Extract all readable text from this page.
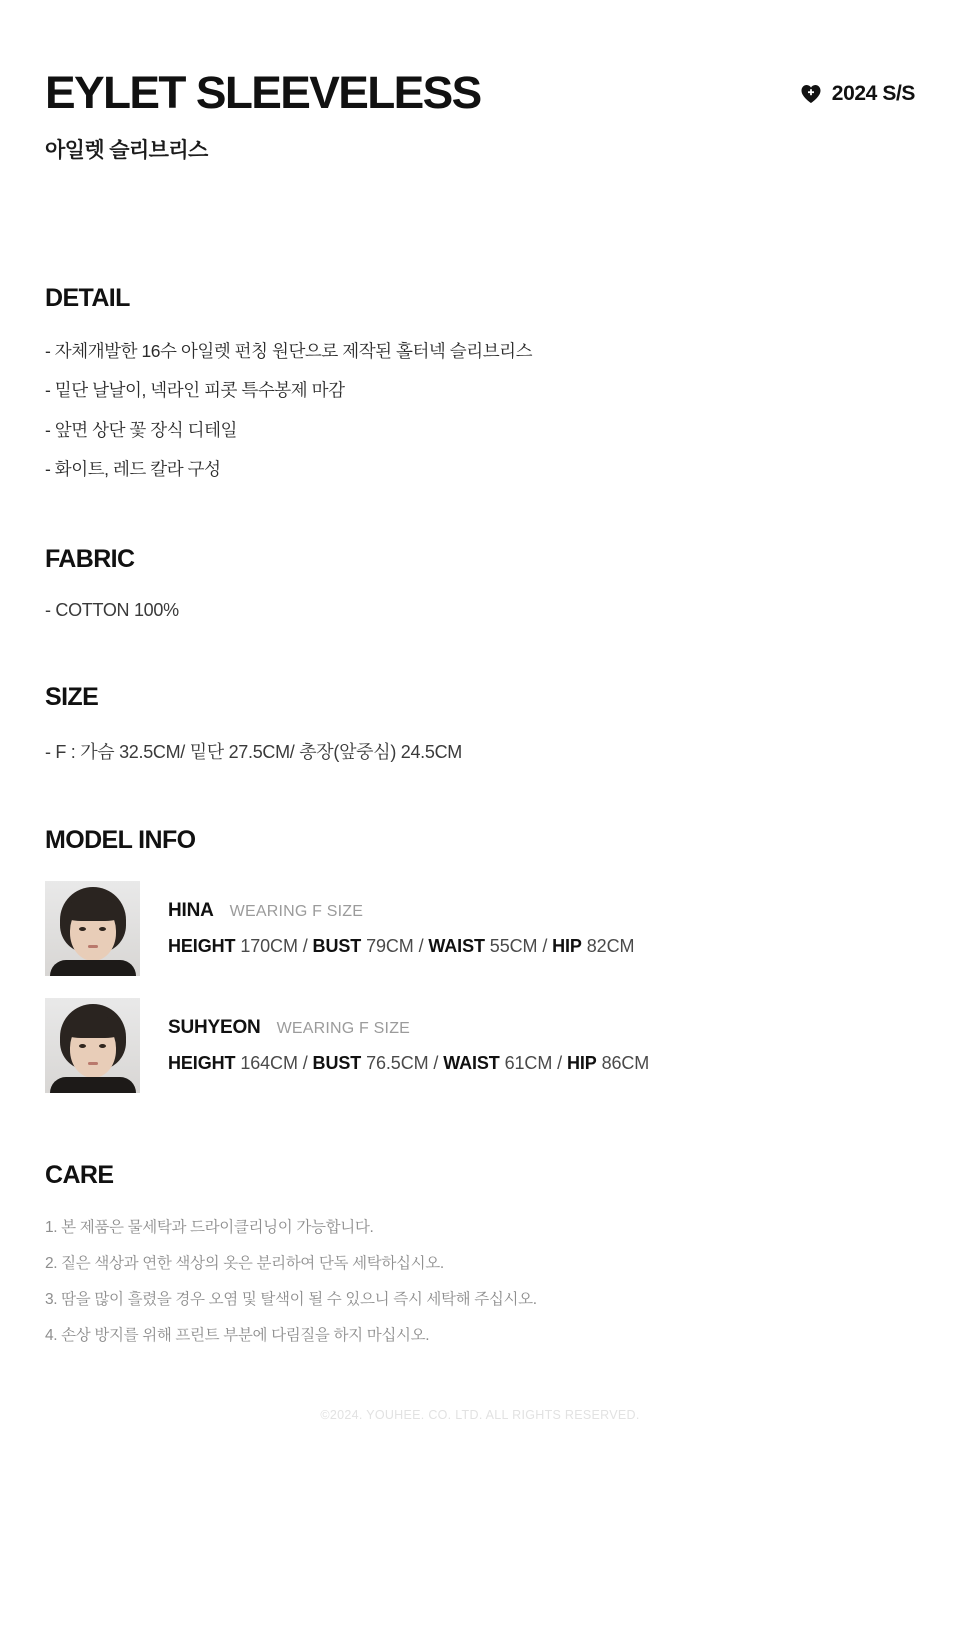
EYLET SLEEVELESS
아일렛 슬리브리스
2024 S/S
DETAIL
- 자체개발한 16수 아일렛 펀칭 원단으로 제작된 홀터넥 슬리브리스
- 밑단 날날이, 넥라인 피콧 특수봉제 마감
- 앞면 상단 꽃 장식 디테일
- 화이트, 레드 칼라 구성
FABRIC
- COTTON 100%
SIZE
- F : 가슴 32.5CM/ 밑단 27.5CM/ 총장(앞중심) 24.5CM
MODEL INFO
HINA WEARING F SIZE
HEIGHT 170CM / BUST 79CM / WAIST 55CM / HIP 82CM
SUHYEON WEARING F SIZE
HEIGHT 164CM / BUST 76.5CM / WAIST 61CM / HIP 86CM
CARE
1. 본 제품은 물세탁과 드라이클리닝이 가능합니다.
2. 짙은 색상과 연한 색상의 옷은 분리하여 단독 세탁하십시오.
3. 땀을 많이 흘렸을 경우 오염 및 탈색이 될 수 있으니 즉시 세탁해 주십시오.
4. 손상 방지를 위해 프린트 부분에 다림질을 하지 마십시오.
©2024. YOUHEE. CO. LTD. ALL RIGHTS RESERVED.
